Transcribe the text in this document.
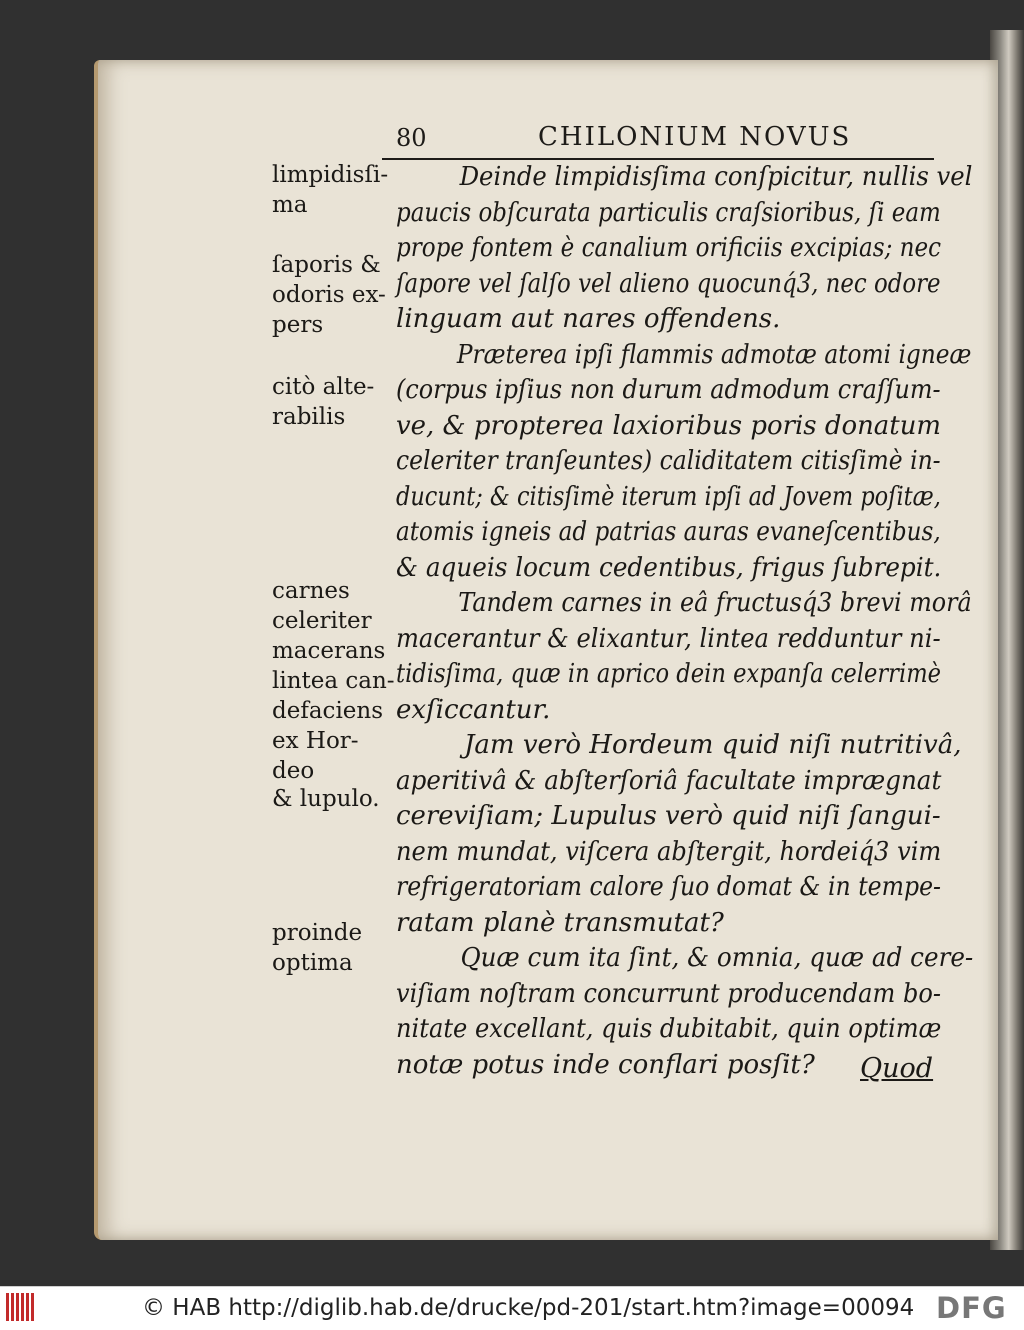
80	CHILONIUM NOVUS
limpidisſi-
ma
ſaporis &
odoris ex-
pers
citò alte-
rabilis
carnes
celeriter
macerans
lintea can-
defaciens
ex Hor-
deo
& lupulo.
proinde
optima

Deinde limpidisſima conſpicitur, nullis vel
paucis obſcurata particulis craſsioribus, ſi eam
prope fontem è canalium orificiis excipias; nec
ſapore vel ſalſo vel alieno quocunq́3, nec odore
linguam aut nares offendens.

Præterea ipſi flammis admotæ atomi igneæ
(corpus ipſius non durum admodum craſſum-
ve, & propterea laxioribus poris donatum
celeriter tranſeuntes) caliditatem citisſimè in-
ducunt; & citisſimè iterum ipſi ad Jovem poſitæ,
atomis igneis ad patrias auras evaneſcentibus,
& aqueis locum cedentibus, frigus ſubrepit.

Tandem carnes in eâ fructusq́3 brevi morâ
macerantur & elixantur, lintea redduntur ni-
tidisſima, quæ in aprico dein expanſa celerrimè
exſiccantur.

Jam verò Hordeum quid niſi nutritivâ,
aperitivâ & abſterſoriâ facultate imprægnat
cereviſiam; Lupulus verò quid niſi ſangui-
nem mundat, viſcera abſtergit, hordeiq́3 vim
refrigeratoriam calore ſuo domat & in tempe-
ratam planè transmutat?

Quæ cum ita ſint, & omnia, quæ ad cere-
viſiam noſtram concurrunt producendam bo-
nitate excellant, quis dubitabit, quin optimæ
notæ potus inde conflari posſit?	Quod
© HAB http://diglib.hab.de/drucke/pd-201/start.htm?image=00094 DFG
